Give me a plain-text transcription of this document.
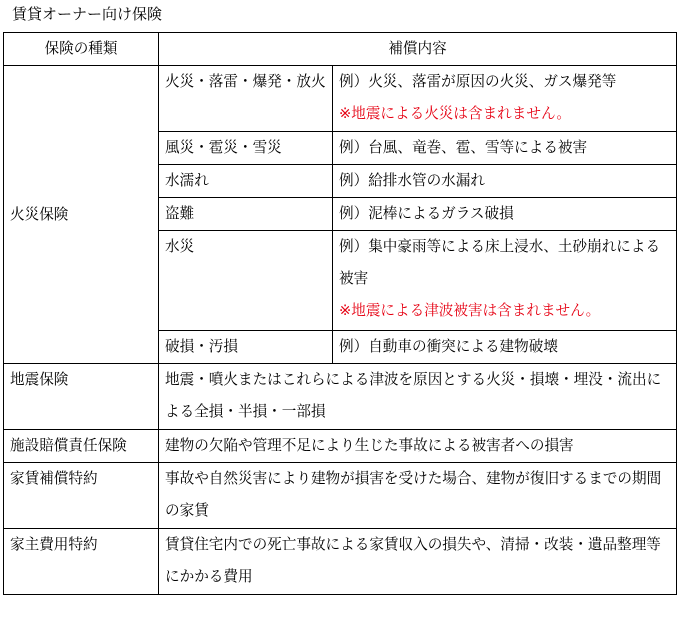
賃貸オーナー向け保険
保険の種類	補償内容	
火災保険	火災・落雷・爆発・放火	例）火災、落雷が原因の火災、ガス爆発等
※地震による火災は含まれません。

	風災・雹災・雪災	例）台風、竜巻、雹、雪等による被害
	水濡れ	例）給排水管の水漏れ
	盗難	例）泥棒によるガラス破損
	水災	例）集中豪雨等による床上浸水、土砂崩れによる被害
※地震による津波被害は含まれません。

	破損・汚損	例）自動車の衝突による建物破壊
地震保険	地震・噴火またはこれらによる津波を原因とする火災・損壊・埋没・流出による全損・半損・一部損	
施設賠償責任保険	建物の欠陥や管理不足により生じた事故による被害者への損害	
家賃補償特約	事故や自然災害により建物が損害を受けた場合、建物が復旧するまでの期間の家賃	
家主費用特約	賃貸住宅内での死亡事故による家賃収入の損失や、清掃・改装・遺品整理等にかかる費用	
